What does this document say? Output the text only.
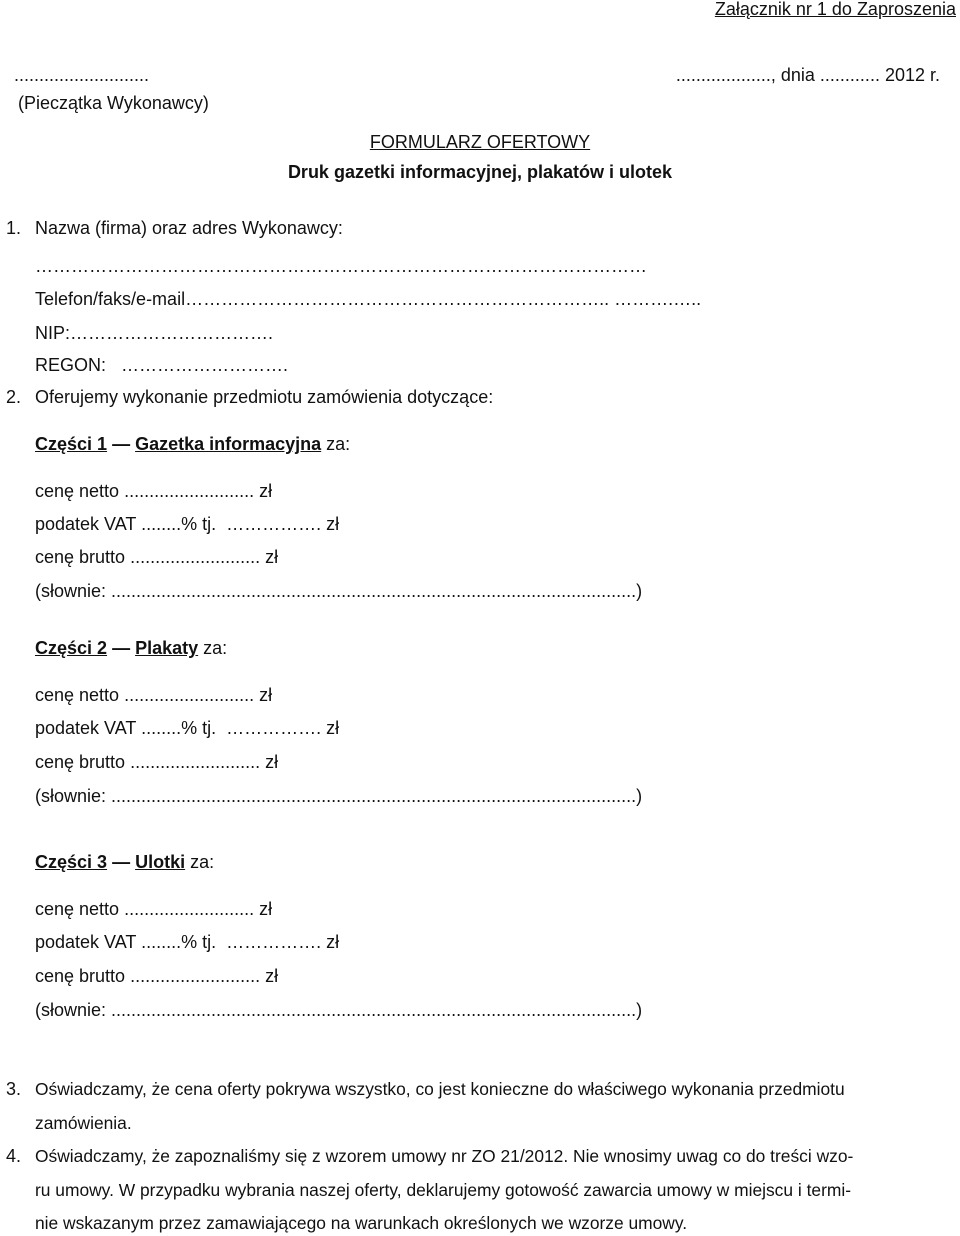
Załącznik nr 1 do Zaproszenia
...........................
(Pieczątka Wykonawcy)
..................., dnia ............ 2012 r.
FORMULARZ OFERTOWY
Druk gazetki informacyjnej, plakatów i ulotek
1. Nazwa (firma) oraz adres Wykonawcy:
…………………………………………………………………………………………
Telefon/faks/e-mail…………………………………………………………….. ……….…..
NIP:…………………………….
REGON:   ……………………….
2. Oferujemy wykonanie przedmiotu zamówienia dotyczące:
Części 1 — Gazetka informacyjna za:
cenę netto .......................... zł
podatek VAT ........% tj.  ……………. zł
cenę brutto .......................... zł
(słownie: .........................................................................................................)
Części 2 — Plakaty za:
cenę netto .......................... zł
podatek VAT ........% tj.  ……………. zł
cenę brutto .......................... zł
(słownie: .........................................................................................................)
Części 3 — Ulotki za:
cenę netto .......................... zł
podatek VAT ........% tj.  ……………. zł
cenę brutto .......................... zł
(słownie: .........................................................................................................)
3. Oświadczamy, że cena oferty pokrywa wszystko, co jest konieczne do właściwego wykonania przedmiotu
zamówienia.
4. Oświadczamy, że zapoznaliśmy się z wzorem umowy nr ZO 21/2012. Nie wnosimy uwag co do treści wzo-
ru umowy. W przypadku wybrania naszej oferty, deklarujemy gotowość zawarcia umowy w miejscu i termi-
nie wskazanym przez zamawiającego na warunkach określonych we wzorze umowy.
